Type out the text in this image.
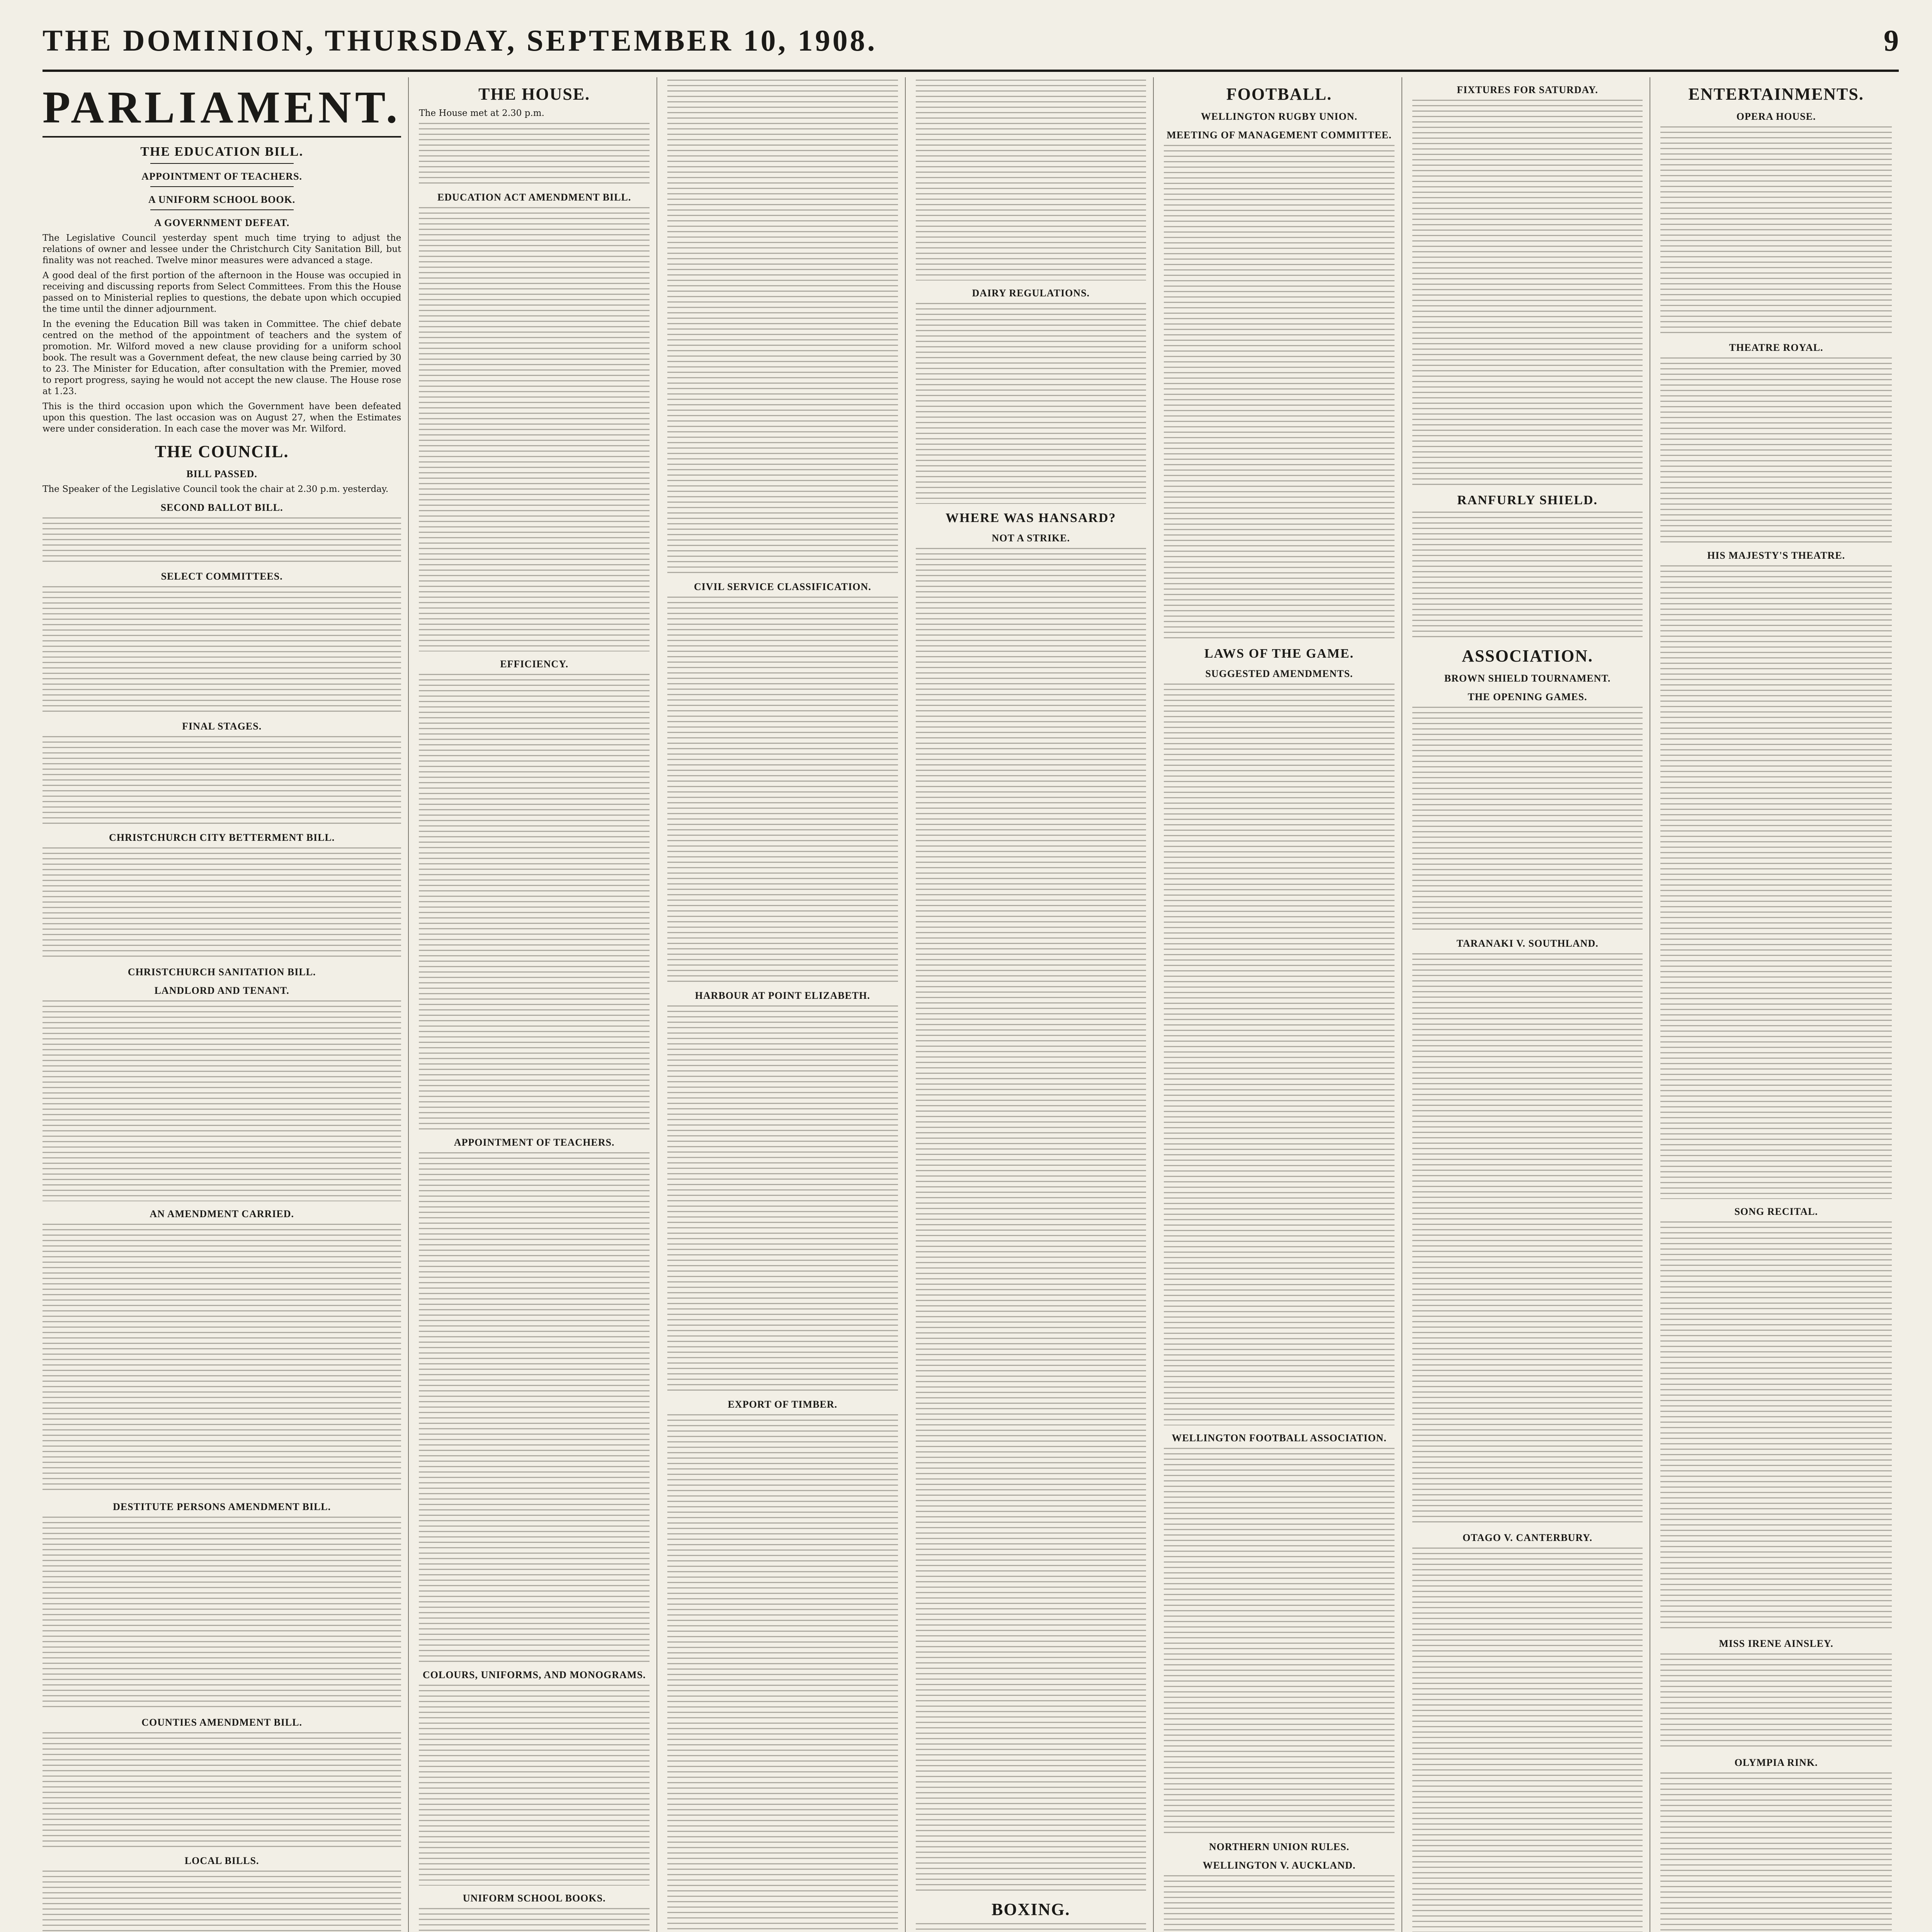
THE DOMINION, THURSDAY, SEPTEMBER 10, 1908.	9
PARLIAMENT.
THE EDUCATION BILL.
APPOINTMENT OF TEACHERS.
A UNIFORM SCHOOL BOOK.
A GOVERNMENT DEFEAT.

The Legislative Council yesterday spent much time trying to adjust the relations of owner and lessee under the Christchurch City Sanitation Bill, but finality was not reached. Twelve minor measures were advanced a stage.

A good deal of the first portion of the afternoon in the House was occupied in receiving and discussing reports from Select Committees. From this the House passed on to Ministerial replies to questions, the debate upon which occupied the time until the dinner adjournment.

In the evening the Education Bill was taken in Committee. The chief debate centred on the method of the appointment of teachers and the system of promotion. Mr. Wilford moved a new clause providing for a uniform school book. The result was a Government defeat, the new clause being carried by 30 to 23. The Minister for Education, after consultation with the Premier, moved to report progress, saying he would not accept the new clause. The House rose at 1.23.

This is the third occasion upon which the Government have been defeated upon this question. The last occasion was on August 27, when the Estimates were under consideration. In each case the mover was Mr. Wilford.

THE COUNCIL.
BILL PASSED.

The Speaker of the Legislative Council took the chair at 2.30 p.m. yesterday.

SECOND BALLOT BILL.
SELECT COMMITTEES.
FINAL STAGES.
CHRISTCHURCH CITY BETTERMENT BILL.
CHRISTCHURCH SANITATION BILL.
LANDLORD AND TENANT.
AN AMENDMENT CARRIED.
DESTITUTE PERSONS AMENDMENT BILL.
COUNTIES AMENDMENT BILL.
LOCAL BILLS.

THE HOUSE.

The House met at 2.30 p.m.

EDUCATION ACT AMENDMENT BILL.
EFFICIENCY.
APPOINTMENT OF TEACHERS.
COLOURS, UNIFORMS, AND MONOGRAMS.
UNIFORM SCHOOL BOOKS.
CIVIL SERVICE CLASSIFICATION.
HARBOUR AT POINT ELIZABETH.
EXPORT OF TIMBER.
DAIRY REGULATIONS.
WHERE WAS HANSARD?
NOT A STRIKE.
BOXING.
FOOTBALL.
WELLINGTON RUGBY UNION.
MEETING OF MANAGEMENT COMMITTEE.
LAWS OF THE GAME.
SUGGESTED AMENDMENTS.
WELLINGTON FOOTBALL ASSOCIATION.
NORTHERN UNION RULES.
WELLINGTON V. AUCKLAND.
FIXTURES FOR SATURDAY.
RANFURLY SHIELD.
ASSOCIATION.
BROWN SHIELD TOURNAMENT.
THE OPENING GAMES.
TARANAKI V. SOUTHLAND.
OTAGO V. CANTERBURY.
ENTERTAINMENTS.
OPERA HOUSE.
THEATRE ROYAL.
HIS MAJESTY'S THEATRE.
SONG RECITAL.
MISS IRENE AINSLEY.
OLYMPIA RINK.
